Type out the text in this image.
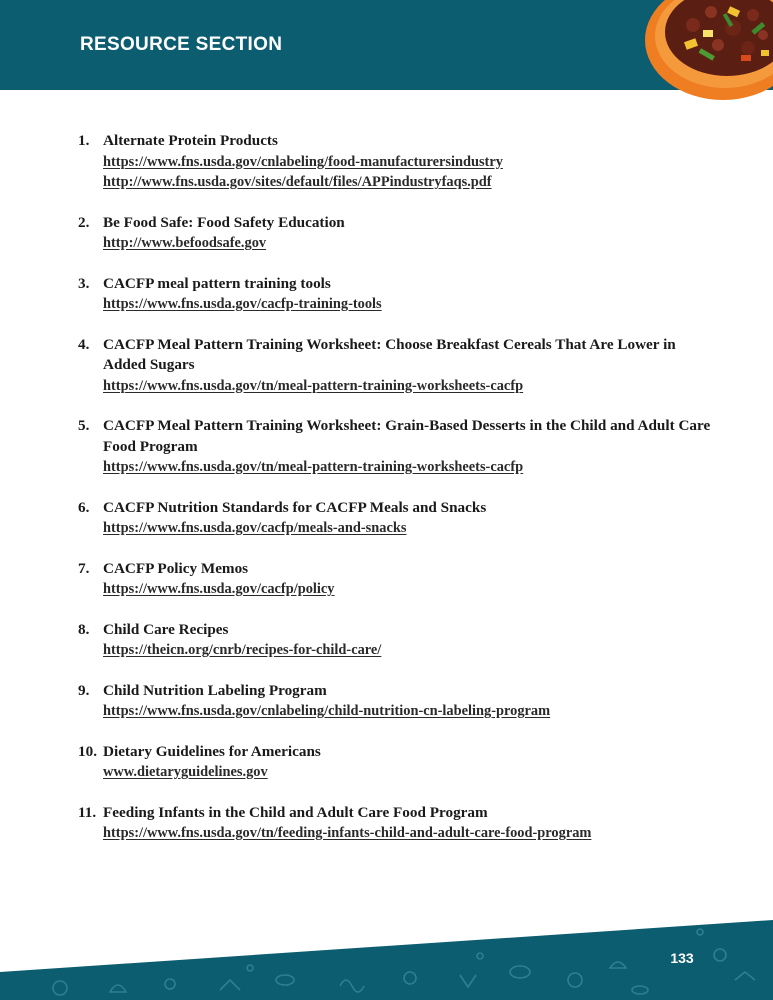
RESOURCE SECTION
1. Alternate Protein Products
https://www.fns.usda.gov/cnlabeling/food-manufacturersindustry
http://www.fns.usda.gov/sites/default/files/APPindustryfaqs.pdf
2. Be Food Safe: Food Safety Education
http://www.befoodsafe.gov
3. CACFP meal pattern training tools
https://www.fns.usda.gov/cacfp-training-tools
4. CACFP Meal Pattern Training Worksheet: Choose Breakfast Cereals That Are Lower in Added Sugars
https://www.fns.usda.gov/tn/meal-pattern-training-worksheets-cacfp
5. CACFP Meal Pattern Training Worksheet: Grain-Based Desserts in the Child and Adult Care Food Program
https://www.fns.usda.gov/tn/meal-pattern-training-worksheets-cacfp
6. CACFP Nutrition Standards for CACFP Meals and Snacks
https://www.fns.usda.gov/cacfp/meals-and-snacks
7. CACFP Policy Memos
https://www.fns.usda.gov/cacfp/policy
8. Child Care Recipes
https://theicn.org/cnrb/recipes-for-child-care/
9. Child Nutrition Labeling Program
https://www.fns.usda.gov/cnlabeling/child-nutrition-cn-labeling-program
10. Dietary Guidelines for Americans
www.dietaryguidelines.gov
11. Feeding Infants in the Child and Adult Care Food Program
https://www.fns.usda.gov/tn/feeding-infants-child-and-adult-care-food-program
133
